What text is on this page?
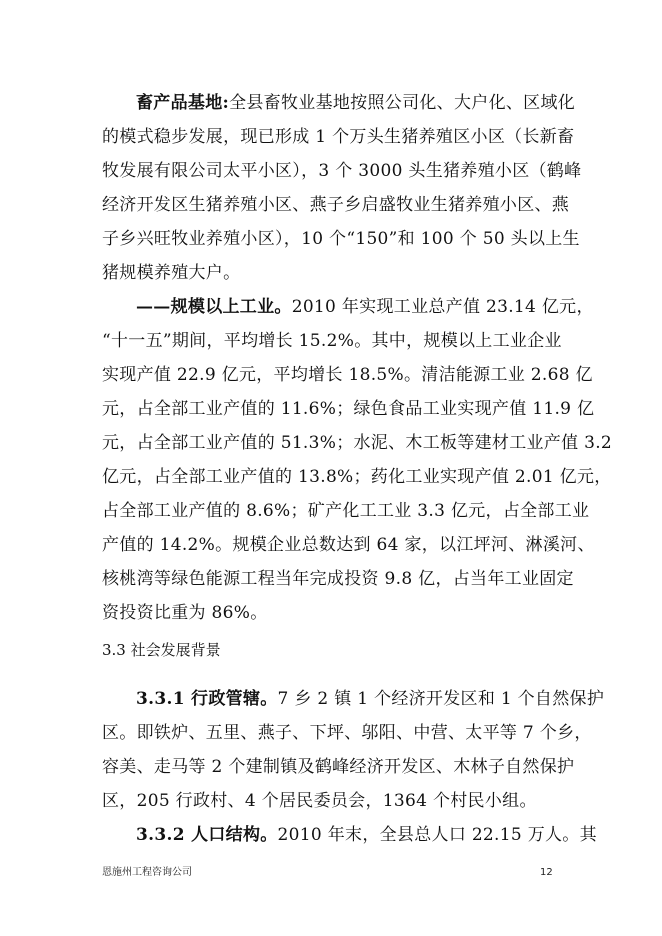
畜产品基地:全县畜牧业基地按照公司化、大户化、区域化
的模式稳步发展，现已形成 1 个万头生猪养殖区小区（长新畜
牧发展有限公司太平小区），3 个 3000 头生猪养殖小区（鹤峰
经济开发区生猪养殖小区、燕子乡启盛牧业生猪养殖小区、燕
子乡兴旺牧业养殖小区），10 个“150”和 100 个 50 头以上生
猪规模养殖大户。
——规模以上工业。2010 年实现工业总产值 23.14 亿元，
“十一五”期间，平均增长 15.2%。其中，规模以上工业企业
实现产值 22.9 亿元，平均增长 18.5%。清洁能源工业 2.68 亿
元，占全部工业产值的 11.6%；绿色食品工业实现产值 11.9 亿
元，占全部工业产值的 51.3%；水泥、木工板等建材工业产值 3.2
亿元，占全部工业产值的 13.8%；药化工业实现产值 2.01 亿元，
占全部工业产值的 8.6%；矿产化工工业 3.3 亿元，占全部工业
产值的 14.2%。规模企业总数达到 64 家，以江坪河、淋溪河、
核桃湾等绿色能源工程当年完成投资 9.8 亿，占当年工业固定
资投资比重为 86%。
3.3 社会发展背景
3.3.1 行政管辖。7 乡 2 镇 1 个经济开发区和 1 个自然保护
区。即铁炉、五里、燕子、下坪、邬阳、中营、太平等 7 个乡，
容美、走马等 2 个建制镇及鹤峰经济开发区、木林子自然保护
区，205 行政村、4 个居民委员会，1364 个村民小组。
3.3.2 人口结构。2010 年末，全县总人口 22.15 万人。其
恩施州工程咨询公司	12
